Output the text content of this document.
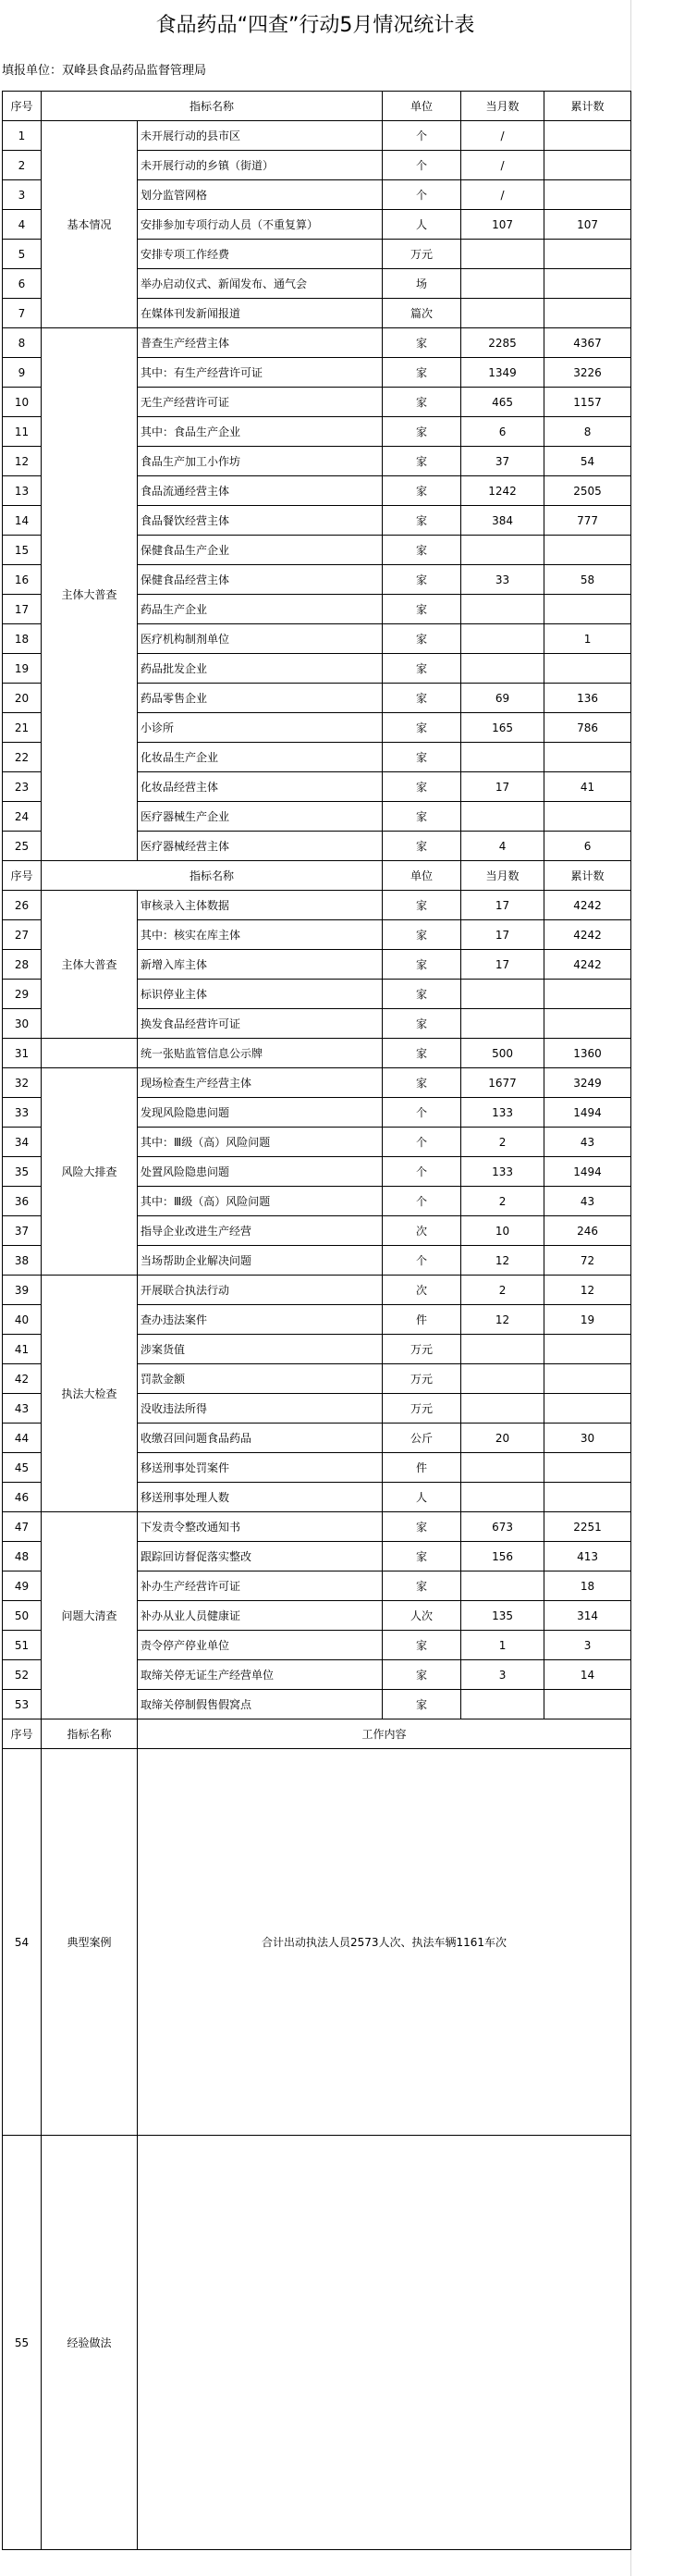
食品药品“四查”行动5月情况统计表
填报单位：双峰县食品药品监督管理局
序号	指标名称		单位	当月数	累计数
1	基本情况	未开展行动的县市区	个	/	
2		未开展行动的乡镇（街道）	个	/	
3		划分监管网格	个	/	
4		安排参加专项行动人员（不重复算）	人	107	107
5		安排专项工作经费	万元		
6		举办启动仪式、新闻发布、通气会	场		
7		在媒体刊发新闻报道	篇次		
8	主体大普查	普查生产经营主体	家	2285	4367
9		其中：有生产经营许可证	家	1349	3226
10		无生产经营许可证	家	465	1157
11		其中：食品生产企业	家	6	8
12		食品生产加工小作坊	家	37	54
13		食品流通经营主体	家	1242	2505
14		食品餐饮经营主体	家	384	777
15		保健食品生产企业	家		
16		保健食品经营主体	家	33	58
17		药品生产企业	家		
18		医疗机构制剂单位	家		1
19		药品批发企业	家		
20		药品零售企业	家	69	136
21		小诊所	家	165	786
22		化妆品生产企业	家		
23		化妆品经营主体	家	17	41
24		医疗器械生产企业	家		
25		医疗器械经营主体	家	4	6
序号	指标名称		单位	当月数	累计数
26	主体大普查	审核录入主体数据	家	17	4242
27		其中：核实在库主体	家	17	4242
28		新增入库主体	家	17	4242
29		标识停业主体	家		
30		换发食品经营许可证	家		
31		统一张贴监管信息公示牌	家	500	1360
32	风险大排查	现场检查生产经营主体	家	1677	3249
33		发现风险隐患问题	个	133	1494
34		其中：Ⅲ级（高）风险问题	个	2	43
35		处置风险隐患问题	个	133	1494
36		其中：Ⅲ级（高）风险问题	个	2	43
37		指导企业改进生产经营	次	10	246
38		当场帮助企业解决问题	个	12	72
39	执法大检查	开展联合执法行动	次	2	12
40		查办违法案件	件	12	19
41		涉案货值	万元		
42		罚款金额	万元		
43		没收违法所得	万元		
44		收缴召回问题食品药品	公斤	20	30
45		移送刑事处罚案件	件		
46		移送刑事处理人数	人		
47	问题大清查	下发责令整改通知书	家	673	2251
48		跟踪回访督促落实整改	家	156	413
49		补办生产经营许可证	家		18
50		补办从业人员健康证	人次	135	314
51		责令停产停业单位	家	1	3
52		取缔关停无证生产经营单位	家	3	14
53		取缔关停制假售假窝点	家		
序号	指标名称	工作内容			
54	典型案例	合计出动执法人员2573人次、执法车辆1161车次			
55	经验做法				
